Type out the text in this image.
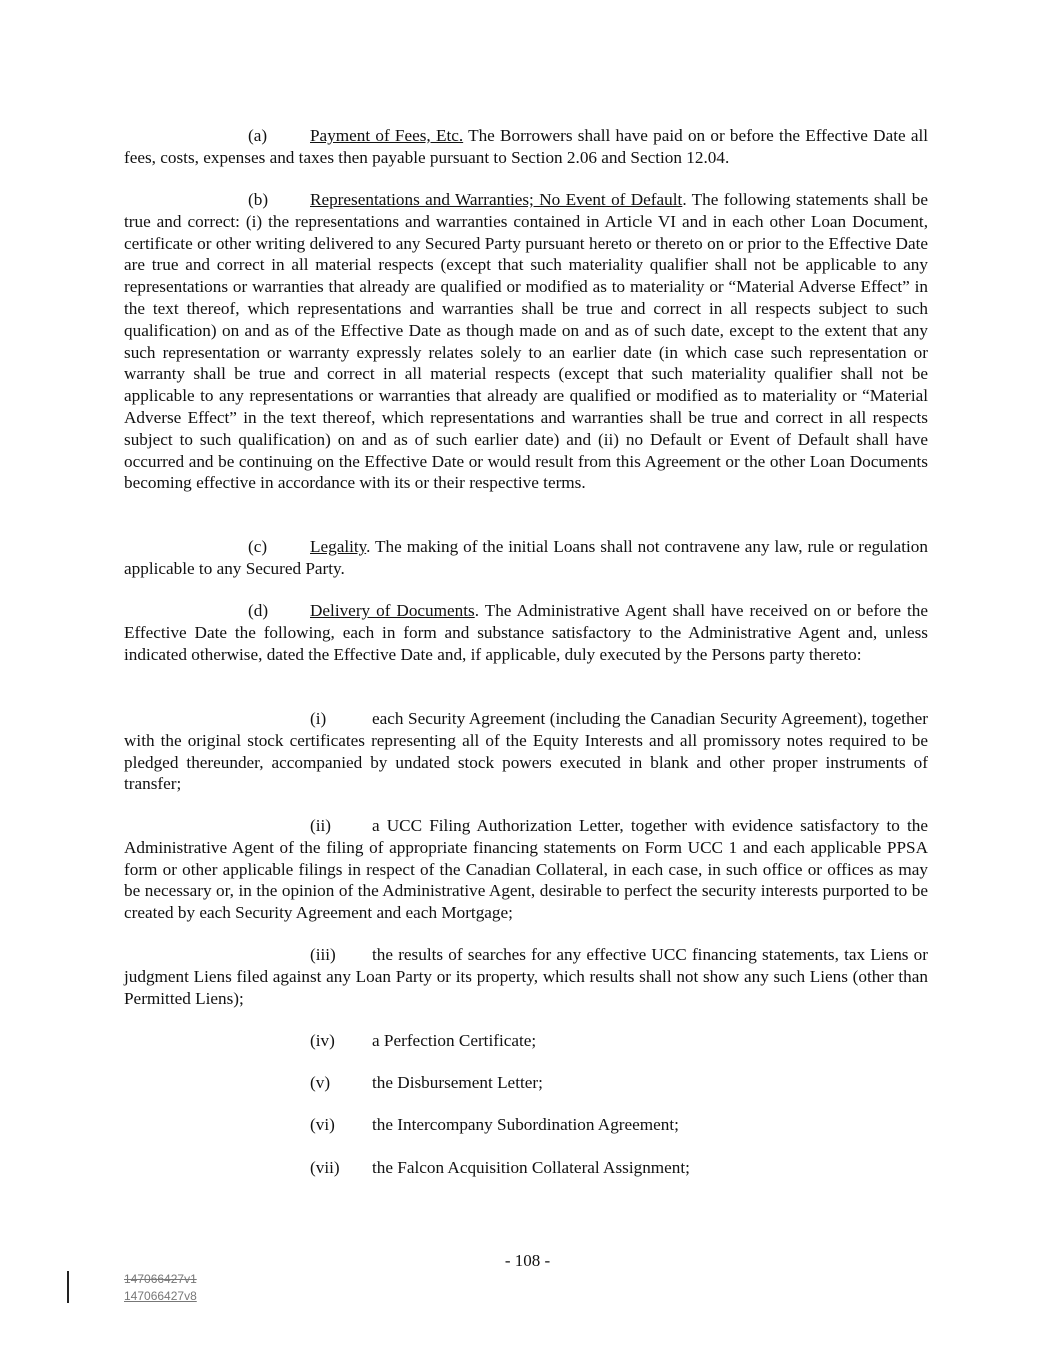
(a) Payment of Fees, Etc. The Borrowers shall have paid on or before the Effective Date all fees, costs, expenses and taxes then payable pursuant to Section 2.06 and Section 12.04.

(b) Representations and Warranties; No Event of Default. The following statements shall be true and correct: (i) the representations and warranties contained in Article VI and in each other Loan Document, certificate or other writing delivered to any Secured Party pursuant hereto or thereto on or prior to the Effective Date are true and correct in all material respects (except that such materiality qualifier shall not be applicable to any representations or warranties that already are qualified or modified as to materiality or “Material Adverse Effect” in the text thereof, which representations and warranties shall be true and correct in all respects subject to such qualification) on and as of the Effective Date as though made on and as of such date, except to the extent that any such representation or warranty expressly relates solely to an earlier date (in which case such representation or warranty shall be true and correct in all material respects (except that such materiality qualifier shall not be applicable to any representations or warranties that already are qualified or modified as to materiality or “Material Adverse Effect” in the text thereof, which representations and warranties shall be true and correct in all respects subject to such qualification) on and as of such earlier date) and (ii) no Default or Event of Default shall have occurred and be continuing on the Effective Date or would result from this Agreement or the other Loan Documents becoming effective in accordance with its or their respective terms.

(c) Legality. The making of the initial Loans shall not contravene any law, rule or regulation applicable to any Secured Party.

(d) Delivery of Documents. The Administrative Agent shall have received on or before the Effective Date the following, each in form and substance satisfactory to the Administrative Agent and, unless indicated otherwise, dated the Effective Date and, if applicable, duly executed by the Persons party thereto:

(i)	each Security Agreement (including the Canadian Security Agreement), together with the original stock certificates representing all of the Equity Interests and all promissory notes required to be pledged thereunder, accompanied by undated stock powers executed in blank and other proper instruments of transfer;

(ii) a UCC Filing Authorization Letter, together with evidence satisfactory to the Administrative Agent of the filing of appropriate financing statements on Form UCC 1 and each applicable PPSA form or other applicable filings in respect of the Canadian Collateral, in each case, in such office or offices as may be necessary or, in the opinion of the Administrative Agent, desirable to perfect the security interests purported to be created by each Security Agreement and each Mortgage;

(iii) the results of searches for any effective UCC financing statements, tax Liens or judgment Liens filed against any Loan Party or its property, which results shall not show any such Liens (other than Permitted Liens);

(iv) a Perfection Certificate;
(v) the Disbursement Letter;
(vi) the Intercompany Subordination Agreement;
(vii) the Falcon Acquisition Collateral Assignment;
- 108 -
147066427v1
147066427v8
